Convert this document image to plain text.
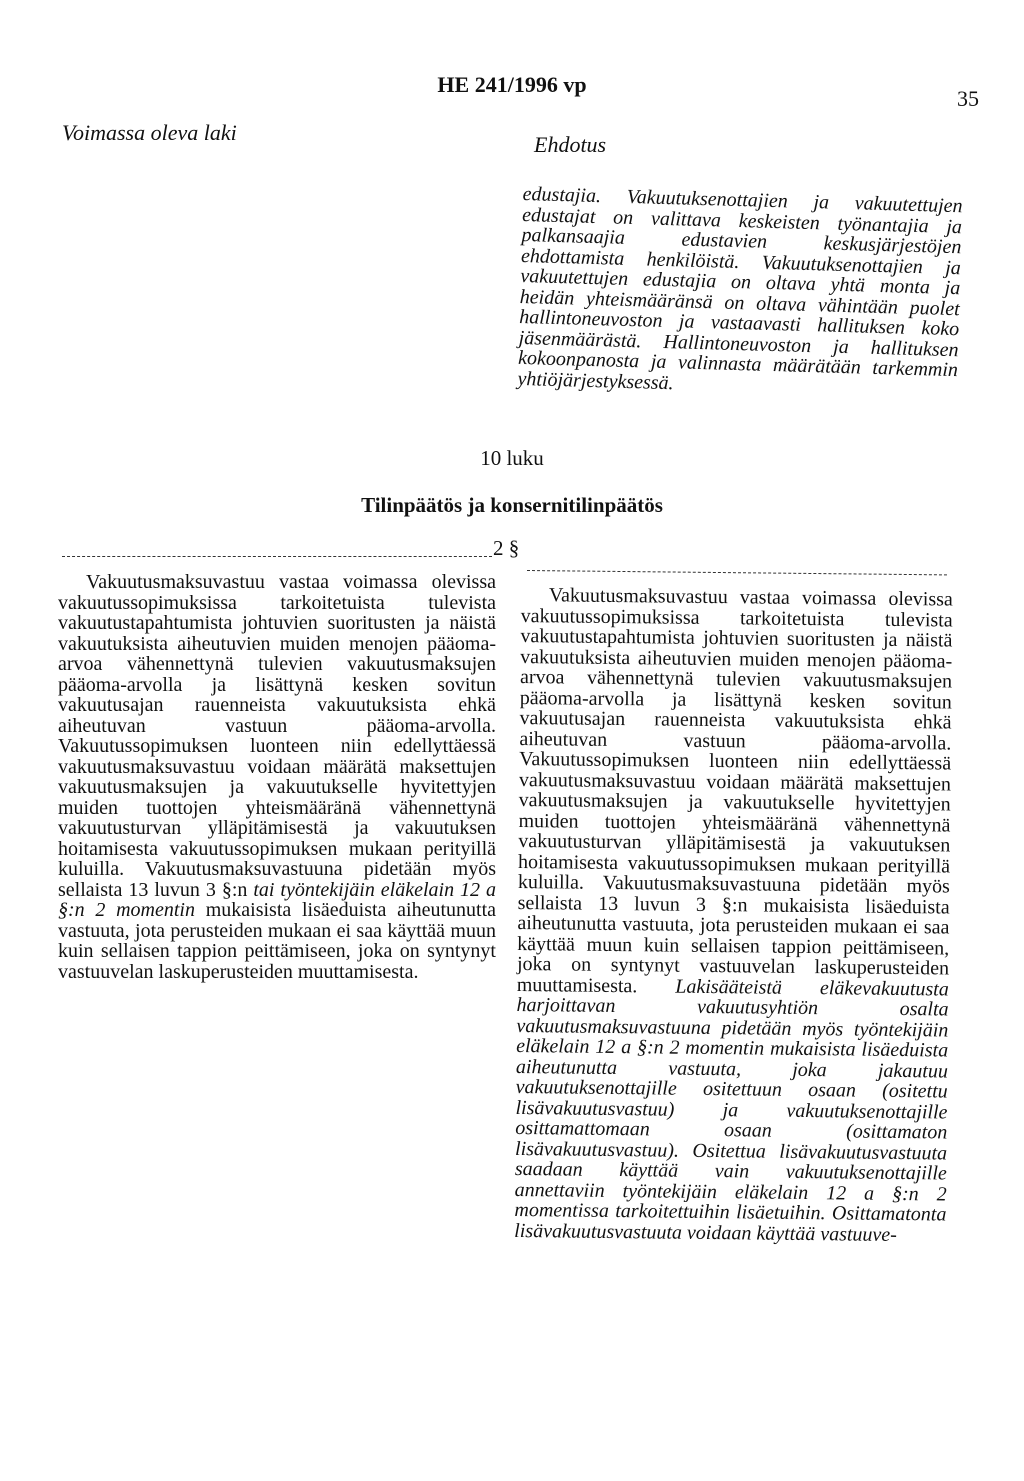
HE 241/1996 vp
35
Voimassa oleva laki	Ehdotus
edustajia. Vakuutuksenottajien ja vakuutettujen edustajat on valittava keskeisten työnantajia ja palkansaajia edustavien keskusjärjestöjen ehdottamista henkilöistä. Vakuutuksenottajien ja vakuutettujen edustajia on oltava yhtä monta ja heidän yhteismääränsä on oltava vähintään puolet hallintoneuvoston ja vastaavasti hallituksen koko jäsenmäärästä. Hallintoneuvoston ja hallituksen kokoonpanosta ja valinnasta määrätään tarkemmin yhtiöjärjestyksessä.
10 luku
Tilinpäätös ja konsernitilinpäätös
2 §
Vakuutusmaksuvastuu vastaa voimassa olevissa vakuutussopimuksissa tarkoitetuista tulevista vakuutustapahtumista johtuvien suoritusten ja näistä vakuutuksista aiheutuvien muiden menojen pääoma-arvoa vähennettynä tulevien vakuutusmaksujen pääoma-arvolla ja lisättynä kesken sovitun vakuutusajan rauenneista vakuutuksista ehkä aiheutuvan vastuun pääoma-arvolla. Vakuutussopimuksen luonteen niin edellyttäessä vakuutusmaksuvastuu voidaan määrätä maksettujen vakuutusmaksujen ja vakuutukselle hyvitettyjen muiden tuottojen yhteismääränä vähennettynä vakuutusturvan ylläpitämisestä ja vakuutuksen hoitamisesta vakuutussopimuksen mukaan perityillä kuluilla. Vakuutusmaksuvastuuna pidetään myös sellaista 13 luvun 3 §:n tai työntekijäin eläkelain 12 a §:n 2 momentin mukaisista lisäeduista aiheutunutta vastuuta, jota perusteiden mukaan ei saa käyttää muun kuin sellaisen tappion peittämiseen, joka on syntynyt vastuuvelan laskuperusteiden muuttamisesta.
Vakuutusmaksuvastuu vastaa voimassa olevissa vakuutussopimuksissa tarkoitetuista tulevista vakuutustapahtumista johtuvien suoritusten ja näistä vakuutuksista aiheutuvien muiden menojen pääoma-arvoa vähennettynä tulevien vakuutusmaksujen pääoma-arvolla ja lisättynä kesken sovitun vakuutusajan rauenneista vakuutuksista ehkä aiheutuvan vastuun pääoma-arvolla. Vakuutussopimuksen luonteen niin edellyttäessä vakuutusmaksuvastuu voidaan määrätä maksettujen vakuutusmaksujen ja vakuutukselle hyvitettyjen muiden tuottojen yhteismääränä vähennettynä vakuutusturvan ylläpitämisestä ja vakuutuksen hoitamisesta vakuutussopimuksen mukaan perityillä kuluilla. Vakuutusmaksuvastuuna pidetään myös sellaista 13 luvun 3 §:n mukaisista lisäeduista aiheutunutta vastuuta, jota perusteiden mukaan ei saa käyttää muun kuin sellaisen tappion peittämiseen, joka on syntynyt vastuuvelan laskuperusteiden muuttamisesta. Lakisääteistä eläkevakuutusta harjoittavan vakuutusyhtiön osalta vakuutusmaksuvastuuna pidetään myös työntekijäin eläkelain 12 a §:n 2 momentin mukaisista lisäeduista aiheutunutta vastuuta, joka jakautuu vakuutuksenottajille ositettuun osaan (ositettu lisävakuutusvastuu) ja vakuutuksenottajille osittamattomaan osaan (osittamaton lisävakuutusvastuu). Ositettua lisävakuutusvastuuta saadaan käyttää vain vakuutuksenottajille annettaviin työntekijäin eläkelain 12 a §:n 2 momentissa tarkoitettuihin lisäetuihin. Osittamatonta lisävakuutusvastuuta voidaan käyttää vastuuve-
